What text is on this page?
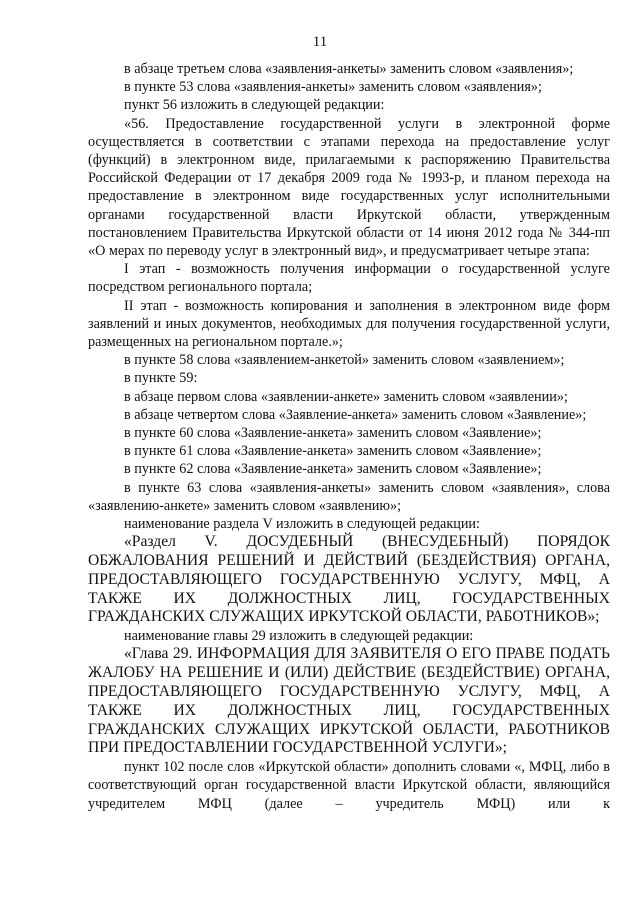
11

в абзаце третьем слова «заявления-анкеты» заменить словом «заявления»;

в пункте 53 слова «заявления-анкеты» заменить словом «заявления»;

пункт 56 изложить в следующей редакции:

«56. Предоставление государственной услуги в электронной форме осуществляется в соответствии с этапами перехода на предоставление услуг (функций) в электронном виде, прилагаемыми к распоряжению Правительства Российской Федерации от 17 декабря 2009 года № 1993-р, и планом перехода на предоставление в электронном виде государственных услуг исполнительными органами государственной власти Иркутской области, утвержденным постановлением Правительства Иркутской области от 14 июня 2012 года № 344-пп «О мерах по переводу услуг в электронный вид», и предусматривает четыре этапа:

I этап - возможность получения информации о государственной услуге посредством регионального портала;

II этап - возможность копирования и заполнения в электронном виде форм заявлений и иных документов, необходимых для получения государственной услуги, размещенных на региональном портале.»;

в пункте 58 слова «заявлением-анкетой» заменить словом «заявлением»;

в пункте 59:

в абзаце первом слова «заявлении-анкете» заменить словом «заявлении»;

в абзаце четвертом слова «Заявление-анкета» заменить словом «Заявление»;

в пункте 60 слова «Заявление-анкета» заменить словом «Заявление»;

в пункте 61 слова «Заявление-анкета» заменить словом «Заявление»;

в пункте 62 слова «Заявление-анкета» заменить словом «Заявление»;

в пункте 63 слова «заявления-анкеты» заменить словом «заявления», слова «заявлению-анкете» заменить словом «заявлению»;

наименование раздела V изложить в следующей редакции:

«Раздел V. ДОСУДЕБНЫЙ (ВНЕСУДЕБНЫЙ) ПОРЯДОК ОБЖАЛОВАНИЯ РЕШЕНИЙ И ДЕЙСТВИЙ (БЕЗДЕЙСТВИЯ) ОРГАНА, ПРЕДОСТАВЛЯЮЩЕГО ГОСУДАРСТВЕННУЮ УСЛУГУ, МФЦ, А ТАКЖЕ ИХ ДОЛЖНОСТНЫХ ЛИЦ, ГОСУДАРСТВЕННЫХ ГРАЖДАНСКИХ СЛУЖАЩИХ ИРКУТСКОЙ ОБЛАСТИ, РАБОТНИКОВ»;

наименование главы 29 изложить в следующей редакции:

«Глава 29. ИНФОРМАЦИЯ ДЛЯ ЗАЯВИТЕЛЯ О ЕГО ПРАВЕ ПОДАТЬ ЖАЛОБУ НА РЕШЕНИЕ И (ИЛИ) ДЕЙСТВИЕ (БЕЗДЕЙСТВИЕ) ОРГАНА, ПРЕДОСТАВЛЯЮЩЕГО ГОСУДАРСТВЕННУЮ УСЛУГУ, МФЦ, А ТАКЖЕ ИХ ДОЛЖНОСТНЫХ ЛИЦ, ГОСУДАРСТВЕННЫХ ГРАЖДАНСКИХ СЛУЖАЩИХ ИРКУТСКОЙ ОБЛАСТИ, РАБОТНИКОВ ПРИ ПРЕДОСТАВЛЕНИИ ГОСУДАРСТВЕННОЙ УСЛУГИ»;

пункт 102 после слов «Иркутской области» дополнить словами «, МФЦ, либо в соответствующий орган государственной власти Иркутской области, являющийся учредителем МФЦ (далее – учредитель МФЦ) или к
